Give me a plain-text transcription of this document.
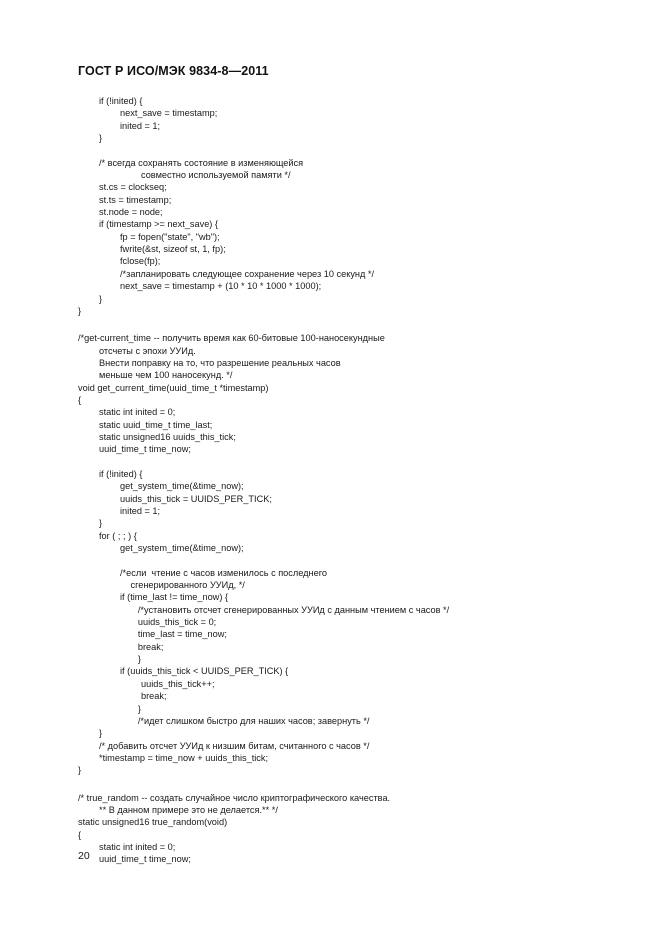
ГОСТ Р ИСО/МЭК 9834-8—2011
if (!inited) {
next_save = timestamp;
inited = 1;
}
/* всегда сохранять состояние в изменяющейся
совместно используемой памяти */
st.cs = clockseq;
st.ts = timestamp;
st.node = node;
if (timestamp >= next_save) {
fp = fopen("state", "wb");
fwrite(&st, sizeof st, 1, fp);
fclose(fp);
/*запланировать следующее сохранение через 10 секунд */
next_save = timestamp + (10 * 10 * 1000 * 1000);
}
}
/*get-current_time -- получить время как 60-битовые 100-наносекундные
отсчеты с эпохи УУИд.
Внести поправку на то, что разрешение реальных часов
меньше чем 100 наносекунд. */
void get_current_time(uuid_time_t *timestamp)
{
static int inited = 0;
static uuid_time_t time_last;
static unsigned16 uuids_this_tick;
uuid_time_t time_now;
if (!inited) {
get_system_time(&time_now);
uuids_this_tick = UUIDS_PER_TICK;
inited = 1;
}
for ( ; ; ) {
get_system_time(&time_now);
/*если  чтение с часов изменилось с последнего
сгенерированного УУИд, */
if (time_last != time_now) {
/*установить отсчет сгенерированных УУИд с данным чтением с часов */
uuids_this_tick = 0;
time_last = time_now;
break;
}
if (uuids_this_tick < UUIDS_PER_TICK) {
uuids_this_tick++;
break;
}
/*идет слишком быстро для наших часов; завернуть */
}
/* добавить отсчет УУИд к низшим битам, считанного с часов */
*timestamp = time_now + uuids_this_tick;
}
/* true_random -- создать случайное число криптографического качества.
** В данном примере это не делается.** */
static unsigned16 true_random(void)
{
static int inited = 0;
uuid_time_t time_now;
20
